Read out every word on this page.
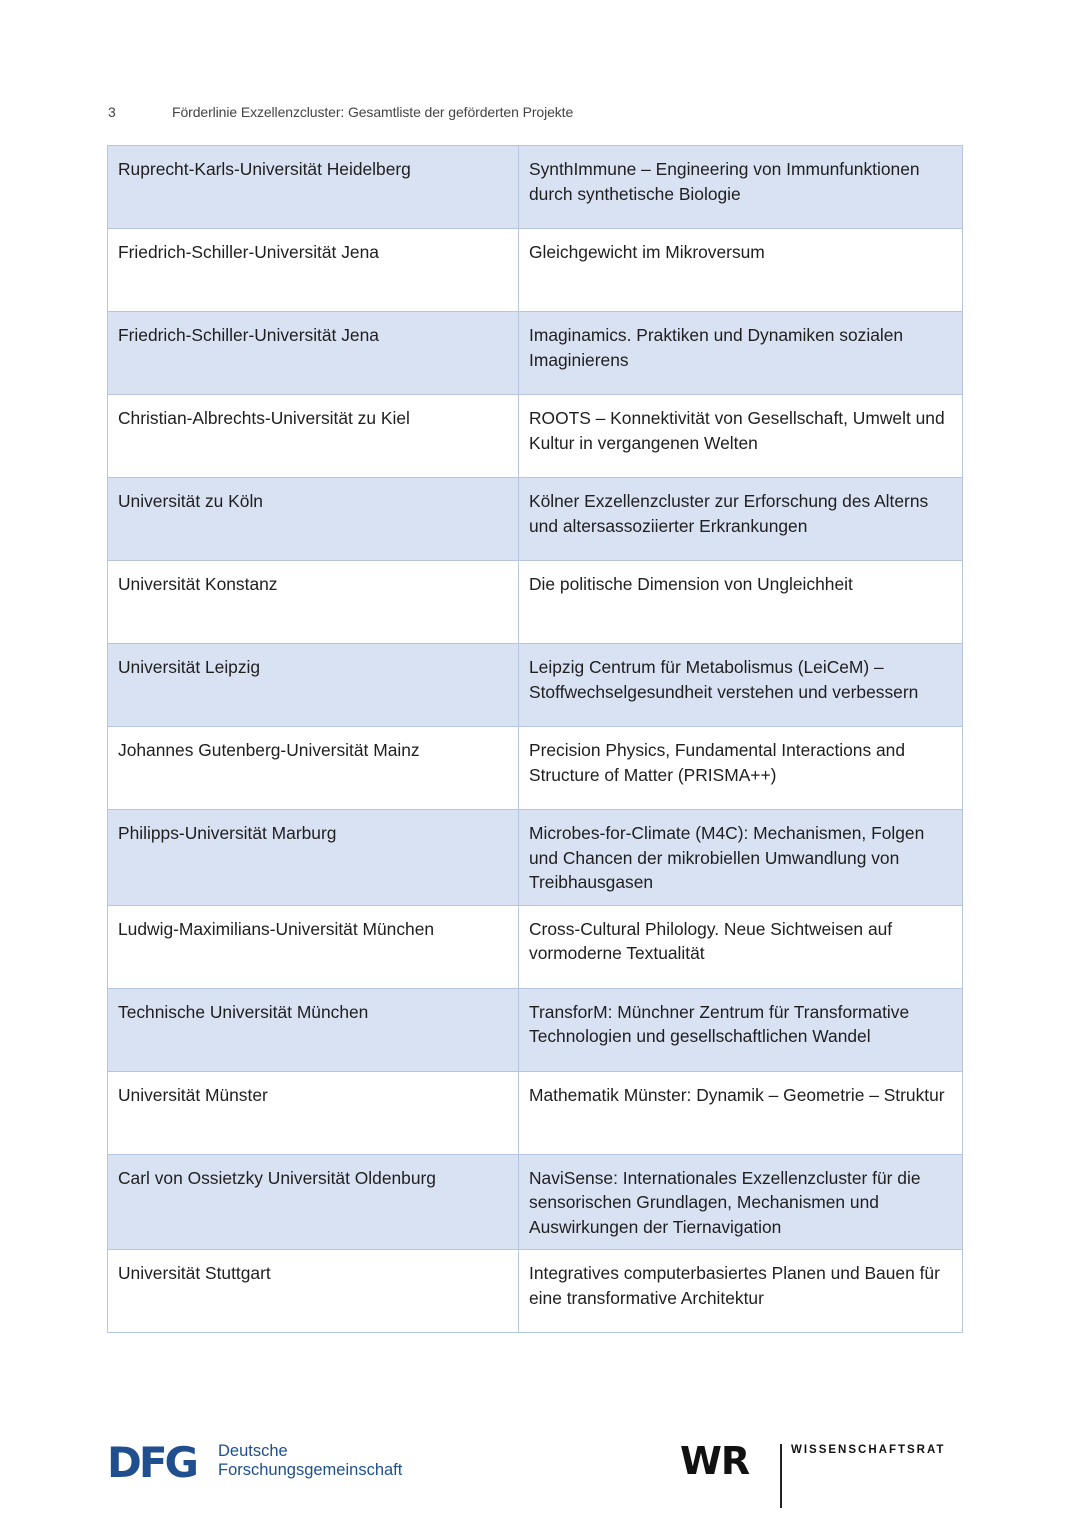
3	Förderlinie Exzellenzcluster: Gesamtliste der geförderten Projekte
Ruprecht-Karls-Universität Heidelberg	SynthImmune – Engineering von Immunfunktionen durch synthetische Biologie
Friedrich-Schiller-Universität Jena	Gleichgewicht im Mikroversum
Friedrich-Schiller-Universität Jena	Imaginamics. Praktiken und Dynamiken sozialen Imaginierens
Christian-Albrechts-Universität zu Kiel	ROOTS – Konnektivität von Gesellschaft, Umwelt und Kultur in vergangenen Welten
Universität zu Köln	Kölner Exzellenzcluster zur Erforschung des Alterns und altersassoziierter Erkrankungen
Universität Konstanz	Die politische Dimension von Ungleichheit
Universität Leipzig	Leipzig Centrum für Metabolismus (LeiCeM) – Stoffwechselgesundheit verstehen und verbessern
Johannes Gutenberg-Universität Mainz	Precision Physics, Fundamental Interactions and Structure of Matter (PRISMA++)
Philipps-Universität Marburg	Microbes-for-Climate (M4C): Mechanismen, Folgen und Chancen der mikrobiellen Umwandlung von Treibhausgasen
Ludwig-Maximilians-Universität München	Cross-Cultural Philology. Neue Sichtweisen auf vormoderne Textualität
Technische Universität München	TransforM: Münchner Zentrum für Transformative Technologien und gesellschaftlichen Wandel
Universität Münster	Mathematik Münster: Dynamik – Geometrie – Struktur
Carl von Ossietzky Universität Oldenburg	NaviSense: Internationales Exzellenzcluster für die sensorischen Grundlagen, Mechanismen und Auswirkungen der Tiernavigation
Universität Stuttgart	Integratives computerbasiertes Planen und Bauen für eine transformative Architektur
DFG Deutsche
Forschungsgemeinschaft	WR	WISSENSCHAFTSRAT
